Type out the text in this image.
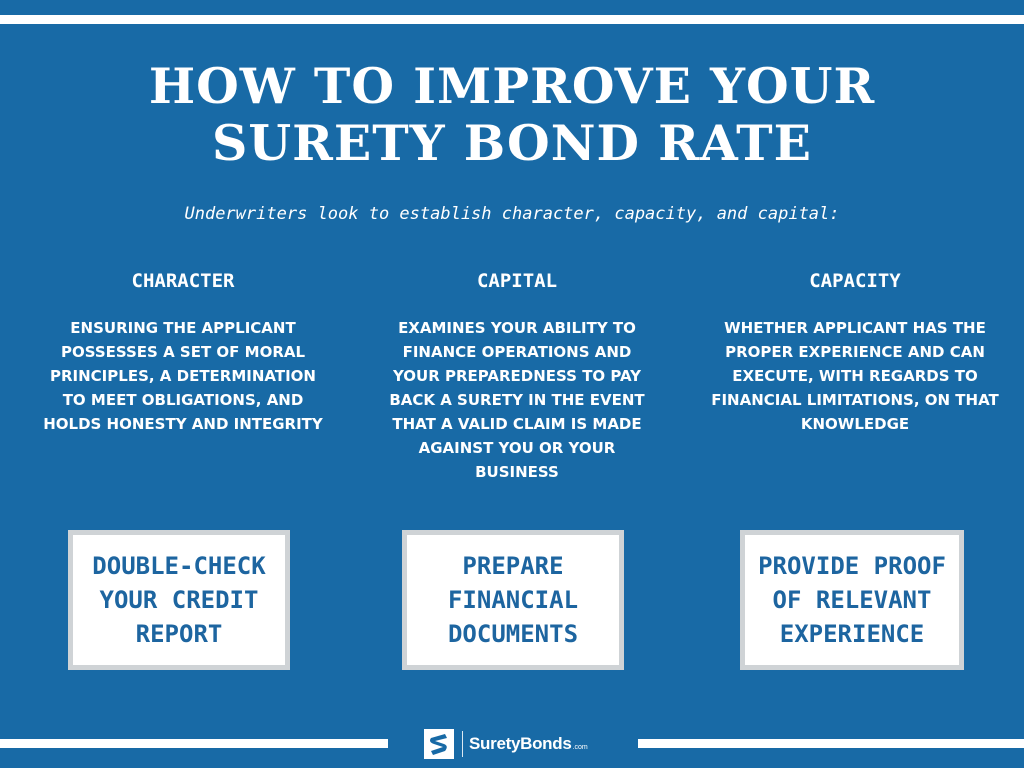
HOW TO IMPROVE YOUR
SURETY BOND RATE
Underwriters look to establish character, capacity, and capital:
CHARACTER
ENSURING THE APPLICANT POSSESSES A SET OF MORAL PRINCIPLES, A DETERMINATION TO MEET OBLIGATIONS, AND HOLDS HONESTY AND INTEGRITY
CAPITAL
EXAMINES YOUR ABILITY TO FINANCE OPERATIONS AND YOUR PREPAREDNESS TO PAY BACK A SURETY IN THE EVENT THAT A VALID CLAIM IS MADE AGAINST YOU OR YOUR BUSINESS
CAPACITY
WHETHER APPLICANT HAS THE PROPER EXPERIENCE AND CAN EXECUTE, WITH REGARDS TO FINANCIAL LIMITATIONS, ON THAT KNOWLEDGE
DOUBLE-CHECK YOUR CREDIT REPORT
PREPARE FINANCIAL DOCUMENTS
PROVIDE PROOF OF RELEVANT EXPERIENCE
SuretyBonds .com
